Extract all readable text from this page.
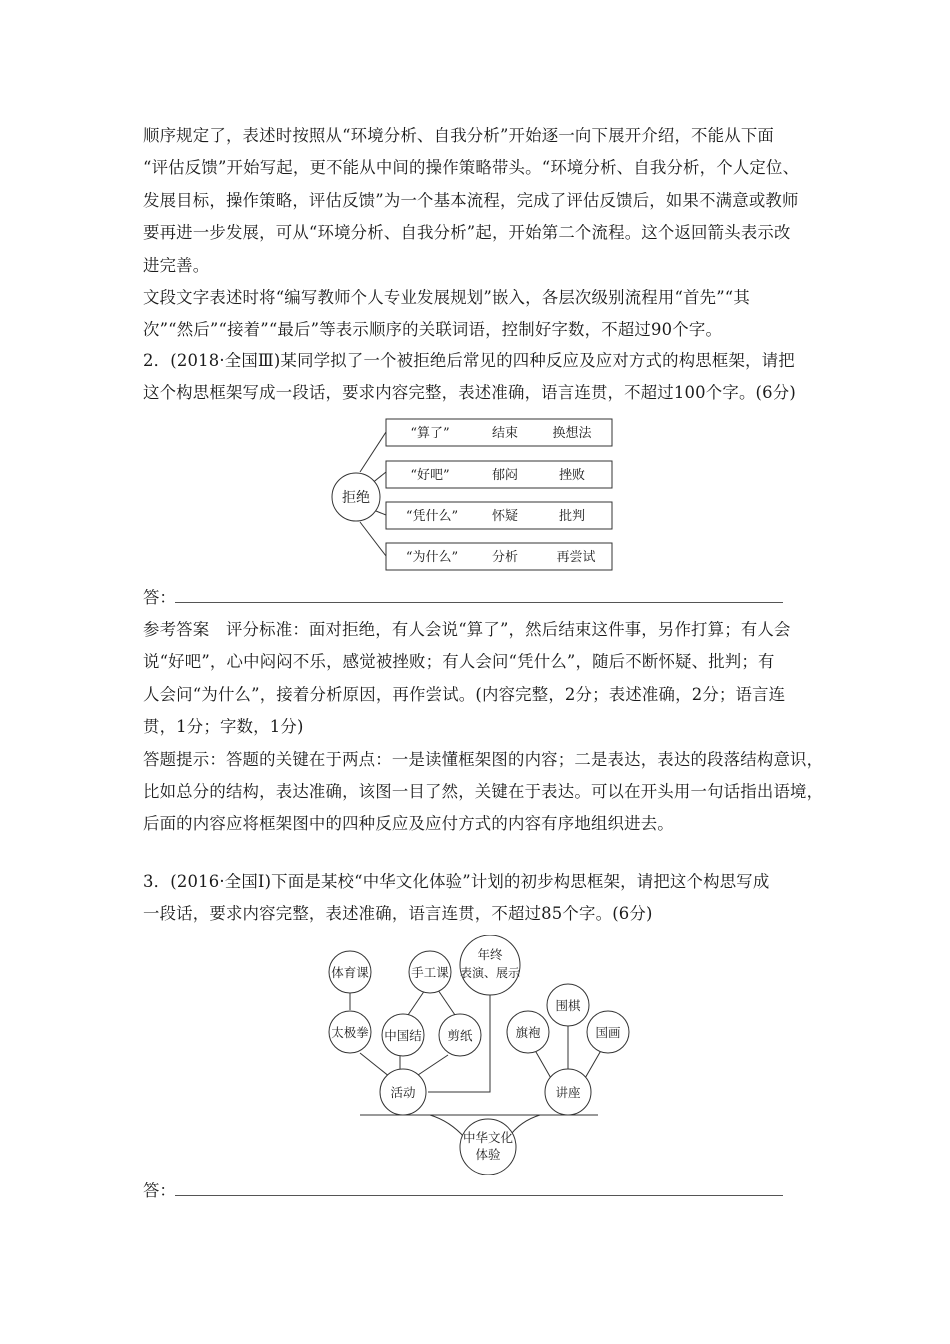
顺序规定了，表述时按照从“环境分析、自我分析”开始逐一向下展开介绍，不能从下面
“评估反馈”开始写起，更不能从中间的操作策略带头。“环境分析、自我分析，个人定位、
发展目标，操作策略，评估反馈”为一个基本流程，完成了评估反馈后，如果不满意或教师
要再进一步发展，可从“环境分析、自我分析”起，开始第二个流程。这个返回箭头表示改
进完善。
文段文字表述时将“编写教师个人专业发展规划”嵌入，各层次级别流程用“首先”“其
次”“然后”“接着”“最后”等表示顺序的关联词语，控制好字数，不超过90个字。
2．(2018·全国Ⅲ)某同学拟了一个被拒绝后常见的四种反应及应对方式的构思框架，请把
这个构思框架写成一段话，要求内容完整，表述准确，语言连贯，不超过100个字。(6分)
拒绝
“算了”	结束	换想法
“好吧”	郁闷	挫败
“凭什么”	怀疑	批判
“为什么”	分析	再尝试
答：
参考答案　评分标准：面对拒绝，有人会说“算了”，然后结束这件事，另作打算；有人会
说“好吧”，心中闷闷不乐，感觉被挫败；有人会问“凭什么”，随后不断怀疑、批判；有
人会问“为什么”，接着分析原因，再作尝试。(内容完整，2分；表述准确，2分；语言连
贯，1分；字数，1分)
答题提示：答题的关键在于两点：一是读懂框架图的内容；二是表达，表达的段落结构意识，
比如总分的结构，表达准确，该图一目了然，关键在于表达。可以在开头用一句话指出语境，
后面的内容应将框架图中的四种反应及应付方式的内容有序地组织进去。
3．(2016·全国Ⅰ)下面是某校“中华文化体验”计划的初步构思框架，请把这个构思写成
一段话，要求内容完整，表述准确，语言连贯，不超过85个字。(6分)
体育课
太极拳
手工课
中国结 剪纸
年终
表演、展示
活动	讲座
旗袍
围棋
国画
中华文化
体验
答：
